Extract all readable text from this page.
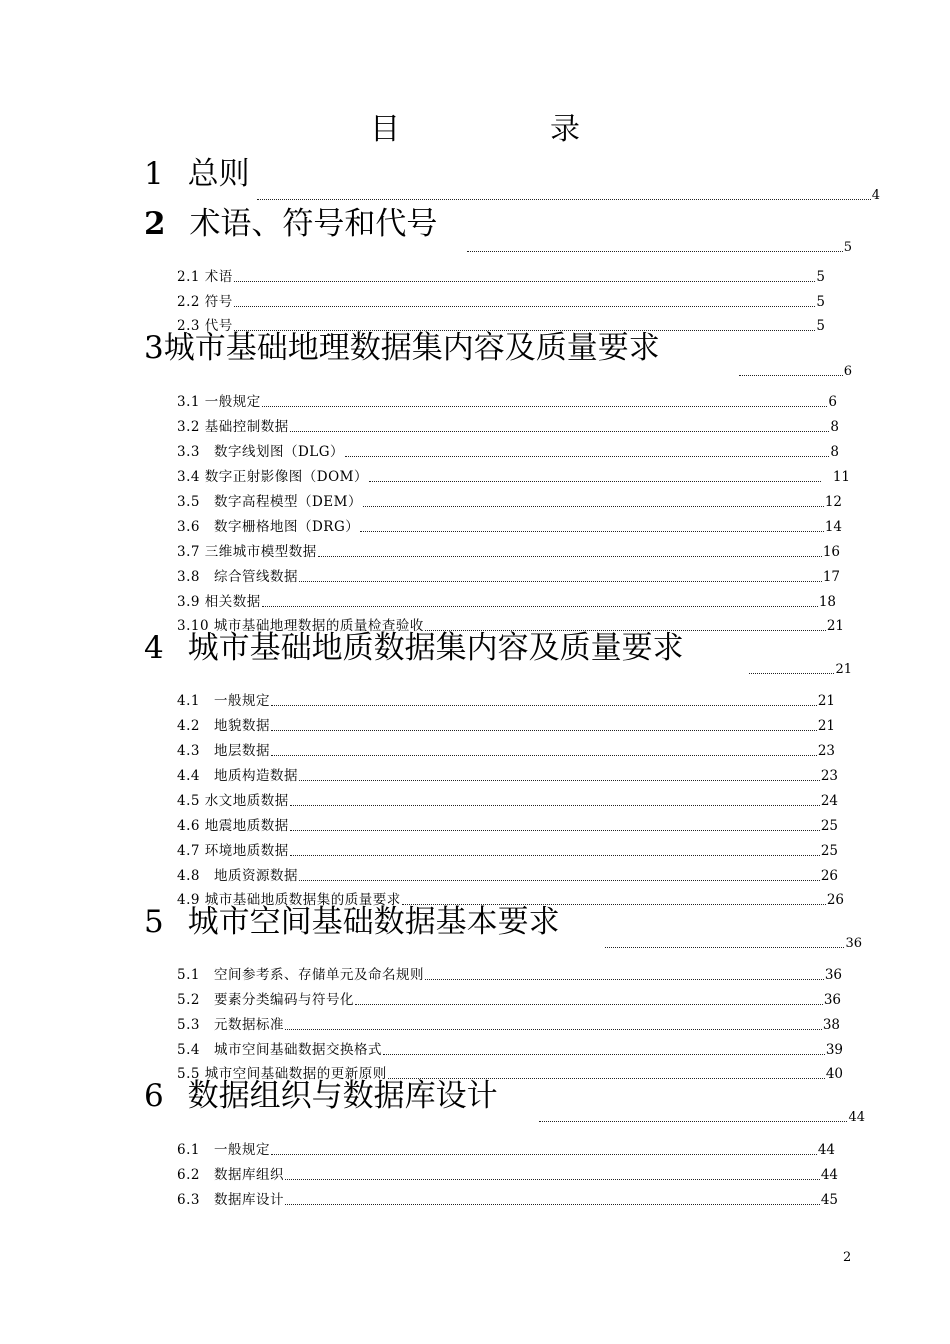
目　录
1 总则
4
2 术语、符号和代号
5
2.1 术语	5
2.2 符号	5
2.3 代号	5
3城市基础地理数据集内容及质量要求
6
3.1 一般规定	6
3.2 基础控制数据	8
3.3　数字线划图（DLG）	8
3.4 数字正射影像图（DOM）	11
3.5　数字高程模型（DEM）	12
3.6　数字栅格地图（DRG）	14
3.7 三维城市模型数据	16
3.8　综合管线数据	17
3.9 相关数据	18
3.10 城市基础地理数据的质量检查验收	21
4 城市基础地质数据集内容及质量要求
21
4.1　一般规定	21
4.2　地貌数据	21
4.3　地层数据	23
4.4　地质构造数据	23
4.5 水文地质数据	24
4.6 地震地质数据	25
4.7 环境地质数据	25
4.8　地质资源数据	26
4.9 城市基础地质数据集的质量要求	26
5 城市空间基础数据基本要求
36
5.1　空间参考系、存储单元及命名规则	36
5.2　要素分类编码与符号化	36
5.3　元数据标准	38
5.4　城市空间基础数据交换格式	39
5.5 城市空间基础数据的更新原则	40
6 数据组织与数据库设计
44
6.1　一般规定	44
6.2　数据库组织	44
6.3　数据库设计	45
2
